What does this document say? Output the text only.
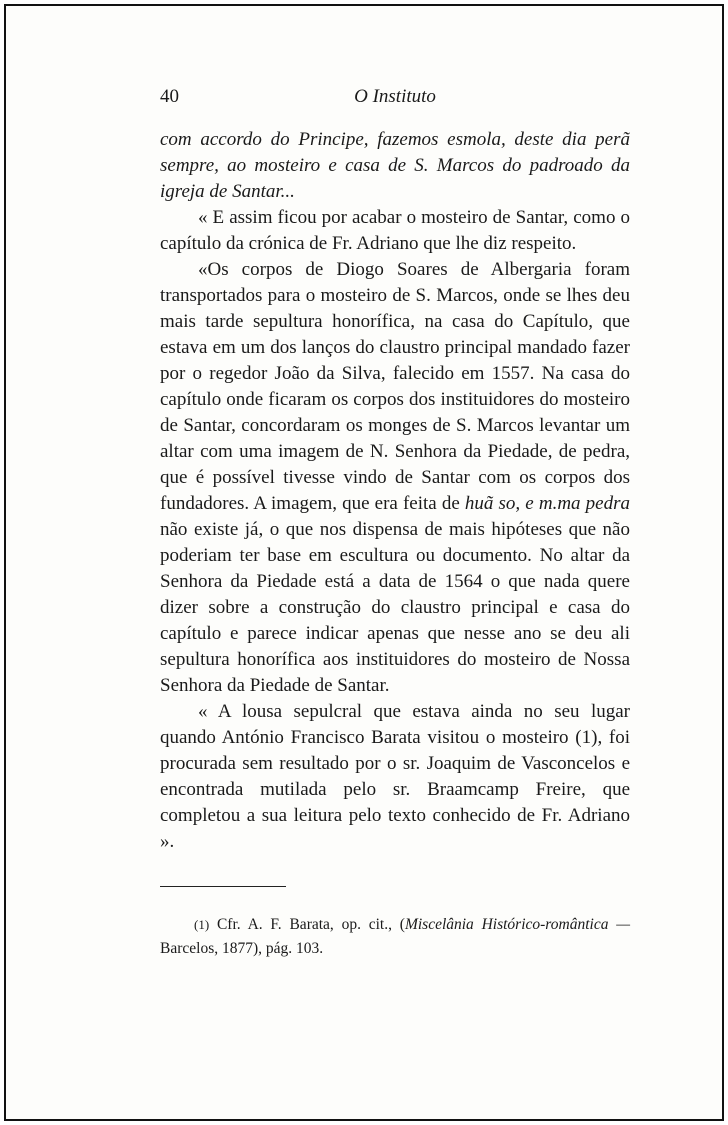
40	O Instituto

com accordo do Principe, fazemos esmola, deste dia perã sempre, ao mosteiro e casa de S. Marcos do padroado da igreja de Santar...

« E assim ficou por acabar o mosteiro de Santar, como o capítulo da crónica de Fr. Adriano que lhe diz respeito.

«Os corpos de Diogo Soares de Albergaria foram transportados para o mosteiro de S. Marcos, onde se lhes deu mais tarde sepultura honorífica, na casa do Capítulo, que estava em um dos lanços do claustro principal mandado fazer por o regedor João da Silva, falecido em 1557. Na casa do capítulo onde ficaram os corpos dos instituidores do mosteiro de Santar, concordaram os monges de S. Marcos levantar um altar com uma imagem de N. Senhora da Piedade, de pedra, que é possível tivesse vindo de Santar com os corpos dos fundadores. A imagem, que era feita de huã so, e m.ma pedra não existe já, o que nos dispensa de mais hipóteses que não poderiam ter base em escultura ou documento. No altar da Senhora da Piedade está a data de 1564 o que nada quere dizer sobre a construção do claustro principal e casa do capítulo e parece indicar apenas que nesse ano se deu ali sepultura honorífica aos instituidores do mosteiro de Nossa Senhora da Piedade de Santar.

« A lousa sepulcral que estava ainda no seu lugar quando António Francisco Barata visitou o mosteiro (1), foi procurada sem resultado por o sr. Joaquim de Vasconcelos e encontrada mutilada pelo sr. Braamcamp Freire, que completou a sua leitura pelo texto conhecido de Fr. Adriano ».

(1) Cfr. A. F. Barata, op. cit., (Miscelânia Histórico-romântica — Barcelos, 1877), pág. 103.
